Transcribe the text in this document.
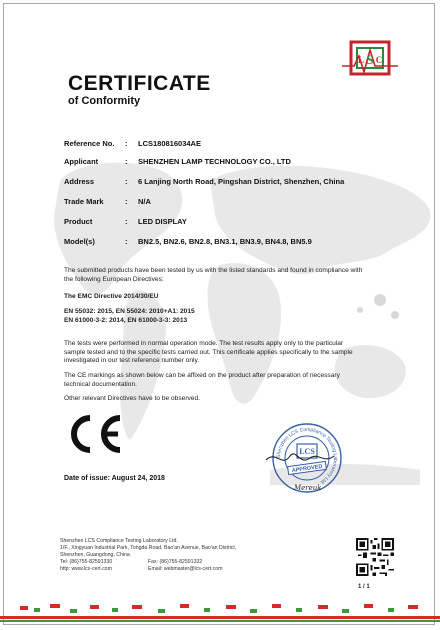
S
L C
CERTIFICATE
of Conformity
Reference No. : LCS180816034AE
Applicant	: SHENZHEN LAMP TECHNOLOGY CO., LTD
Address	: 6 Lanjing North Road, Pingshan District, Shenzhen, China
Trade Mark	: N/A
Product	: LED DISPLAY
Model(s)	: BN2.5, BN2.6, BN2.8, BN3.1, BN3.9, BN4.8, BN5.9
The submitted products have been tested by us with the listed standards and found in compliance with
the following European Directives:
The EMC Directive 2014/30/EU
EN 55032: 2015, EN 55024: 2010+A1: 2015
EN 61000-3-2: 2014, EN 61000-3-3: 2013
The tests were performed in normal operation mode. The test results apply only to the particular
sample tested and to the specific tests carried out. This certificate applies specifically to the sample
investigated in our test reference number only.
The CE markings as shown below can be affixed on the product after preparation of necessary
technical documentation.
Other relevant Directives have to be observed.
Shenzhen LCS Compliance Testing Laboratory Ltd.
LCS
APPROVED
Mereuk
Date of issue: August 24, 2018
Shenzhen LCS Compliance Testing Laboratory Ltd.
1/F., Xingyuan Industrial Park, Tongda Road, Bao'an Avenue, Bao'an District,
Shenzhen, Guangdong, China
Tel: (86)755-82591330	Fax: (86)755-82591332
http: www.lcs-cert.com	Email: webmaster@lcs-cert.com
1 / 1
